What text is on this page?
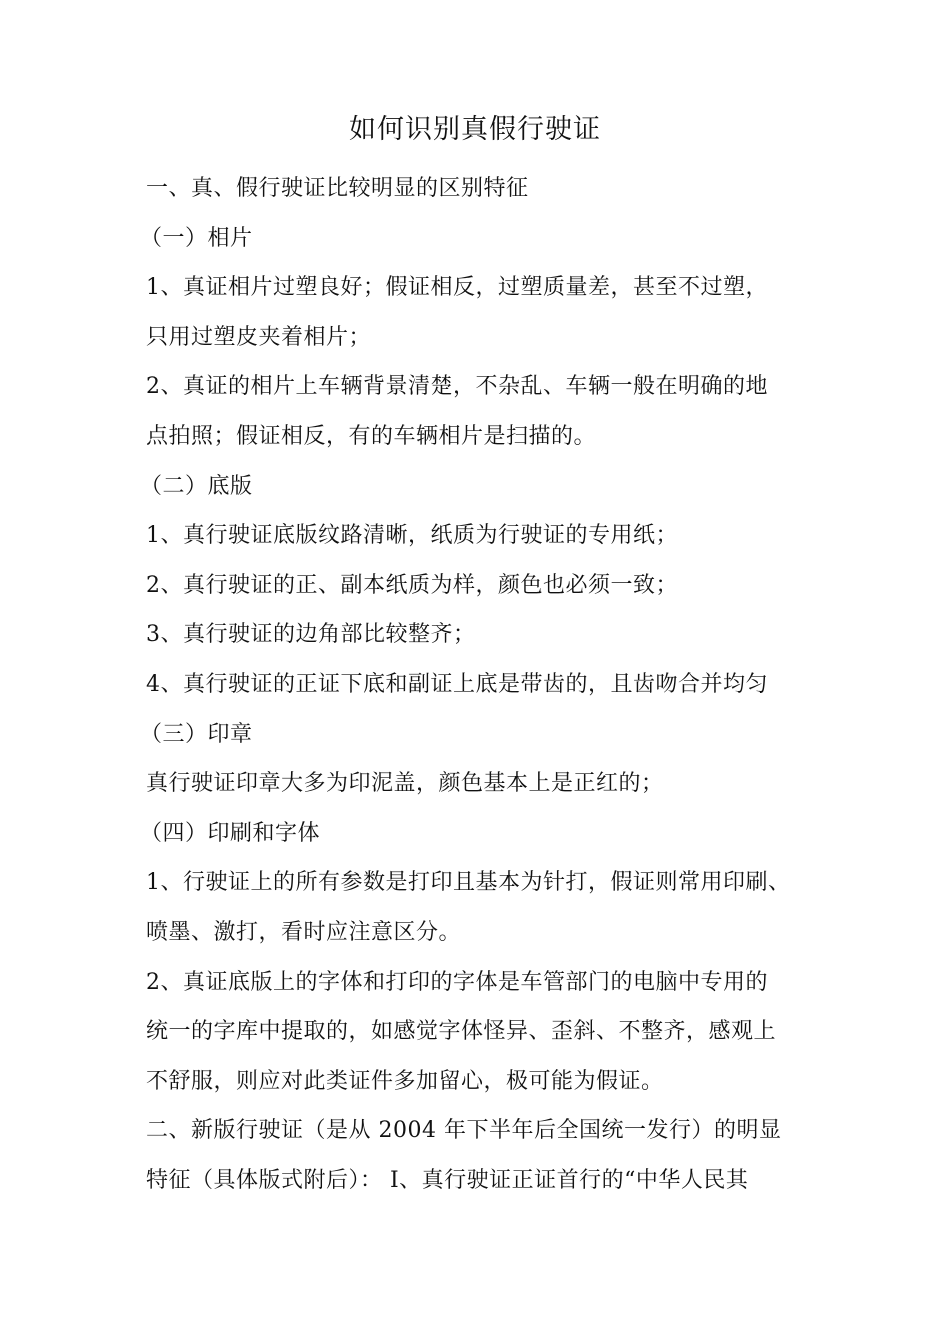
如何识别真假行驶证
一、真、假行驶证比较明显的区别特征
（一）相片
1、真证相片过塑良好；假证相反，过塑质量差，甚至不过塑，
只用过塑皮夹着相片；
2、真证的相片上车辆背景清楚，不杂乱、车辆一般在明确的地
点拍照；假证相反，有的车辆相片是扫描的。
（二）底版
1、真行驶证底版纹路清晰，纸质为行驶证的专用纸；
2、真行驶证的正、副本纸质为样，颜色也必须一致；
3、真行驶证的边角部比较整齐；
4、真行驶证的正证下底和副证上底是带齿的，且齿吻合并均匀
（三）印章
真行驶证印章大多为印泥盖，颜色基本上是正红的；
（四）印刷和字体
1、行驶证上的所有参数是打印且基本为针打，假证则常用印刷、
喷墨、激打，看时应注意区分。
2、真证底版上的字体和打印的字体是车管部门的电脑中专用的
统一的字库中提取的，如感觉字体怪异、歪斜、不整齐，感观上
不舒服，则应对此类证件多加留心，极可能为假证。
二、新版行驶证（是从 2004 年下半年后全国统一发行）的明显
特征（具体版式附后）： I、真行驶证正证首行的“中华人民其
